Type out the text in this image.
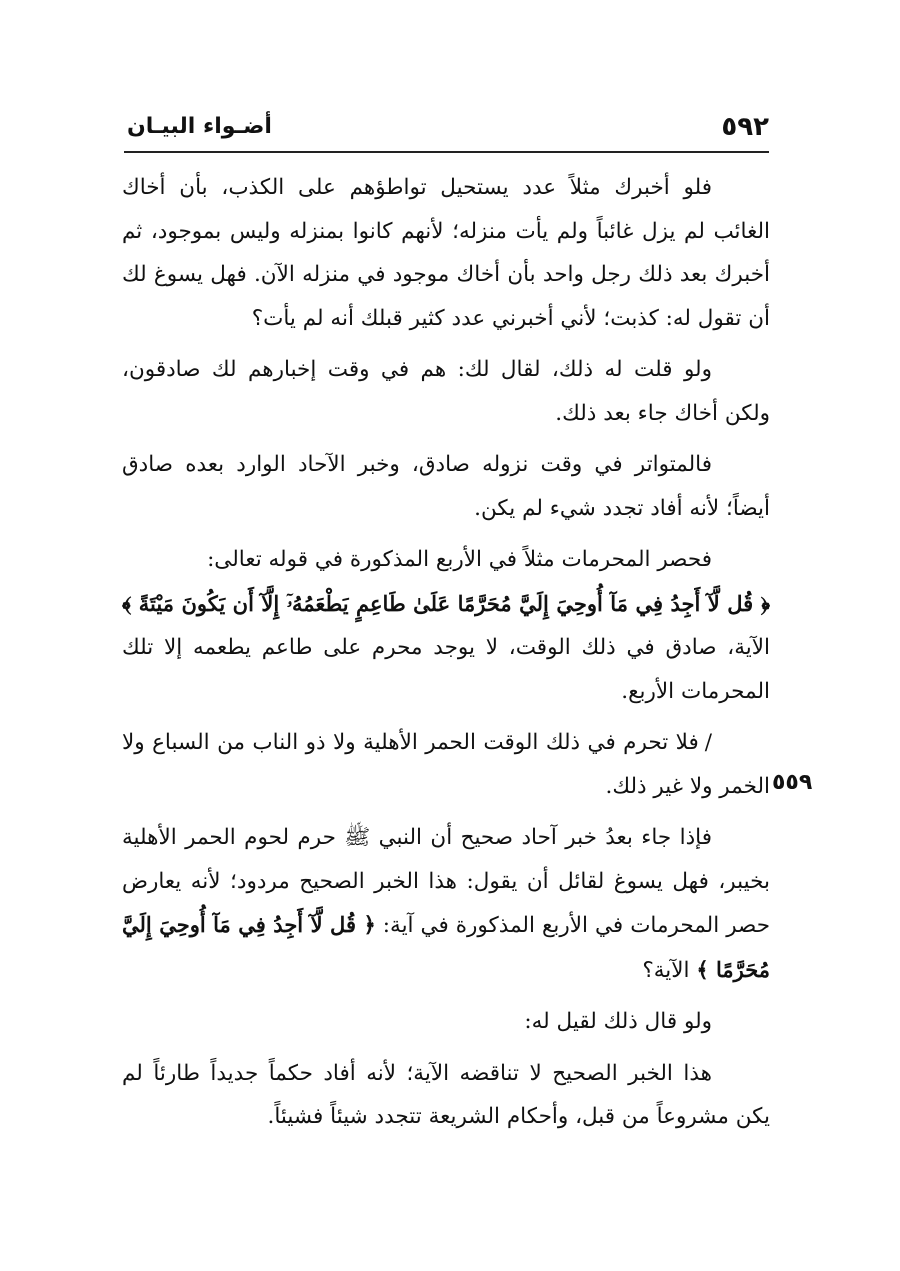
٥٩٢
أضـواء البيـان
٥٥٩

فلو أخبرك مثلاً عدد يستحيل تواطؤهم على الكذب، بأن أخاك الغائب لم يزل غائباً ولم يأت منزله؛ لأنهم كانوا بمنزله وليس بموجود، ثم أخبرك بعد ذلك رجل واحد بأن أخاك موجود في منزله الآن. فهل يسوغ لك أن تقول له: كذبت؛ لأني أخبرني عدد كثير قبلك أنه لم يأت؟

ولو قلت له ذلك، لقال لك: هم في وقت إخبارهم لك صادقون، ولكن أخاك جاء بعد ذلك.

فالمتواتر في وقت نزوله صادق، وخبر الآحاد الوارد بعده صادق أيضاً؛ لأنه أفاد تجدد شيء لم يكن.

فحصر المحرمات مثلاً في الأربع المذكورة في قوله تعالى:
﴿ قُل لَّآ أَجِدُ فِي مَآ أُوحِيَ إِلَيَّ مُحَرَّمًا عَلَىٰ طَاعِمٍ يَطْعَمُهُۥٓ إِلَّآ أَن يَكُونَ مَيْتَةً ﴾ الآية، صادق في ذلك الوقت، لا يوجد محرم على طاعم يطعمه إلا تلك المحرمات الأربع.

/فلا تحرم في ذلك الوقت الحمر الأهلية ولا ذو الناب من السباع ولا الخمر ولا غير ذلك.

فإذا جاء بعدُ خبر آحاد صحيح أن النبي ﷺ حرم لحوم الحمر الأهلية بخيبر، فهل يسوغ لقائل أن يقول: هذا الخبر الصحيح مردود؛ لأنه يعارض حصر المحرمات في الأربع المذكورة في آية: ﴿ قُل لَّآ أَجِدُ فِي مَآ أُوحِيَ إِلَيَّ مُحَرَّمًا ﴾ الآية؟

ولو قال ذلك لقيل له:

هذا الخبر الصحيح لا تناقضه الآية؛ لأنه أفاد حكماً جديداً طارئاً لم يكن مشروعاً من قبل، وأحكام الشريعة تتجدد شيئاً فشيئاً.
